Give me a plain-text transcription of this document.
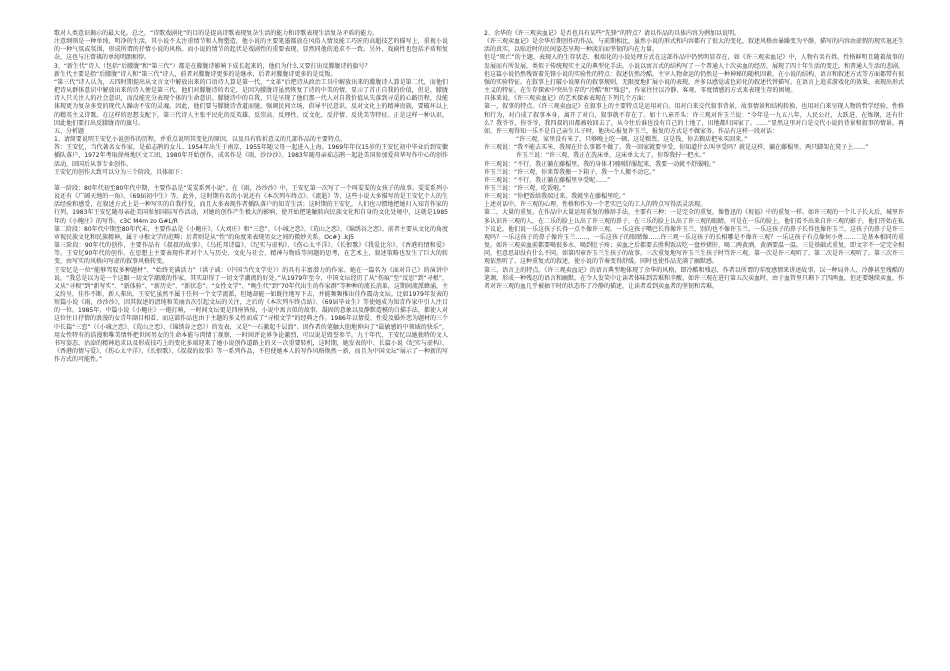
歌对人类意识揭示的最大化。总之，“诗歌戏剧化”的目的是提高诗歌表现复杂生活的能力和诗歌表现生活复杂矛盾的能力。

注意纲领是一种单纯、明净的生活，其小说不太注重情节和人物塑造，他小说的主要笔墨都放在风俗人情及能工巧匠的高超技艺的描写上，重视小说的一种气氛或氛围，形成所谓的抒情小说的风格。而小说的情节的起伏是戏剧性的重要表现，显然同他的追求不一致。另外，戏剧性也包括矛盾和复杂，这也与汪曾祺的单纯明朗相悖。

3、“新生代”诗人（包括“后朦胧”和“第三代”）都是在朦胧诗影响下成长起来的，他们为什么又要打出反朦胧诗的旗号？

新生代主要是指“后朦胧”诗人和“第三代”诗人，前者对朦胧诗更多的是继承，后者对朦胧诗更多的是反叛。

“第三代”诗人认为，五四时期提出从文言文中解放出来的口语诗人算是第一代，“文革”后把诗从政治工具中解放出来的朦胧诗人算是第二代，而他们把诗从群体意识中解放出来的诗人便是第三代。他们对朦胧诗的否定，是因为朦胧诗虽然恢复了诗的中美的情，显示了首正自我的价值，但是，朦胧诗人只关注人的社会意识，而没能充分表现个体的生命意识。朦胧诗中的自我，只是呈现了他们那一代人对自我价值从失落到寻觅的心路历程，没能体现更为复杂多变的现代人躁动不安的灵魂。因此，他们要与朦胧诗背道而驰，强调民间立场，倡导平民意识，反对文化上的精神贵族，要破坏以上的精英主义诗歌。在这样的思想支配下，第三代诗人主张平民化的反英雄、反崇高、反理性、反文化、反抒情、反优美等特征。正是这样一种认识，因此他们要打出反朦胧诗的旗号。

五、分析题

1、请简要说明王安忆小说创作的历程，并重点说明其变化的原因，以及具有转折意义的几部作品的主要特点。

答：王安忆，当代著名女作家，是茹志鹃的女儿。1954年出生于南京，1955年随父母一起进入上海。1969年年仅15岁的王安忆初中毕业后到安徽插队落户，1972年考取徐州地区文工团，1980年开始创作，成名作是《雨，沙沙沙》。1983年随母亲茹志鹃一起赴美国参加爱荷华写作中心的创作活动，回国后从事专业创作。

王安忆的创作大致可以分为三个阶段，具体如下：

第一阶段：80年代初至80年代中期，主要作品是“雯雯系列小说”。在《雨，沙沙沙》中，王安忆第一次写了一个叫雯雯的女孩子的故事。雯雯系列小说还有《广阔天地的一角》、《69届初中生》等。此外，这时期有名的小说还有《本次列车终点》、《流逝》等，这些小说大多描写的是王安忆个人的生活经验和感受，在叙述方式上是一种写实的自我抒发，而且大多表现作者插队落户的知青生活；这时期的王安忆，人们也习惯地把她归入知青作家的行列。1983年王安忆随母亲赴美国参加国际写作活动，对她的创作产生极大的影响，使开始把笔触转向民族文化和自身的文化处境中，这就是1985年的《小鲍庄》的写作。c3C M4m zo G#L/R

第二阶段：80年代中期至80年代末，主要作品是《小鲍庄》、《大刘庄》和“三恋”。《小城之恋》、《荒山之恋》、《锦绣谷之恋》。前者主要从文化的角度审视民族文化和民族精神，属于寻根文学的范畴；后者则是从“性”的角度来表现男女之间的微妙关系。Oc#} .kJ5

第三阶段：90年代的创作，主要作品有《叔叔的故事》、《乌托邦诗篇》、《纪实与虚构》、《伤心太平洋》、《长恨歌》《我爱比尔》、《香港的情和爱》等。王安忆90年代的创作，在思想上主要表现作者对个人与历史、文化与社会、精神与物质等问题的思考，在艺术上，叙述策略也发生了巨大的转变，由写实的风格向写虚的叙事风格转变。

王安忆是一位“能够驾驭多种题材”、“始终充满活力”（洪子诚：《中国当代文学史》）的具有丰富潜力的作家。她在一篇名为《面对自己》的演讲中说，“我总是以为是一个这跟一切文学潮流的作家，其实却得了一切文学潮流的好处。”从1979年至今，中国文坛经历了从“伤痕”至“反思”到“寻根”，又从“寻根”到“新写实”、“新体验”、“新历史”、“新状态”、“女性文学”、“晚生代”到“70年代出生的作家群”等种种的流长消革，这期间流派蜂涌，主义纷呈，佳作不断，新人辈出，王安忆虽然不属于任何一个文学流派，但她却能一如既往地写下去，并能频频推出佳作震动文坛。比如1979年发表的短篇小说《雨，沙沙沙》，因其叙述的清纯和美丽吾次引起文坛的关注，之后的《本次列车终点站》、《69届毕业生》等使她成为知青作家中引人注目的一位。1985年，中篇小说《小鲍庄》一炮打响，一时间文坛更是四座皆惊，小说中寓言似的故事，凝固的意象以及静默造模的白描手法，都使人对这位往日抒情的浪漫的女青年副目相看，而这部作品也由于主题的多义性而成了“寻根文学”的经典之作。1986年以情爱、性爱及婚外恋为题材的三个中长篇“三恋”（《小城之恋》、《荒山之恋》、《锦绣谷之恋》）的发表，又是“一石激起千层浪”。因作者的笔触大胆地伸向了“最敏感的中领域的快乐”，用女性特有的浩漫和唯美情怀把世间男女的生命本能与肉情丁视察，一时间评论界争论激烈，可以说是毁誉参半。九十年代，王安忆以她独特的文人书写姿态，沽淖的精神追求以及形成技巧上的变化多端迎来了她小说创作道路上的又一次重要转机，这时期，她发表的中、长篇小说《纪实与虚构》、《香港的情与爱》、《伤心太平洋》、《长恨歌》、《叔叔的故事》等一系列作品，不但使她本人的写作风格焕然一新，而且为中国文坛“展示了一种新的写作方式的可能性。”

2、余华的《许三观卖血记》是否也具有某些“先锋”的特点？请以作品的具体内容为例加以说明。

《许三观卖血记》是余华后期创作的作品，与前期相比，虽然小说的形式和内容都有了很大的变化，叙述风格由暴躁变为平静，描写的内容由虚假的现实退还生活的真实，以贴近时的民间姿态呈现一种淡泊而坚韧的内在力量。

但是“死亡”的主题，表现人的生存状态，极端化的小说处理方式在这部作品中仍然明显存在，如《许三观卖血记》中，人物有名有姓，性格鲜明且随着故事的发展而有所发展，类似于传统现实主义的典型化手法。小说以寓言式的结构写了一个普通人十次卖血的经历，展现了四十年生活的变迁，和普通人生活的悲剧。但这篇小说仍然残留着先锋小说的实验性的特点：叙述仿然冷酷，主宰人物命运的仍然是一种神秘的随机因素，在小说的结构、语言和叙述方式等方面都带有很强的实验特征。在叙事上打破小说原有的叙事规则，无限度地扩展小说的表现，并多以感觉或色彩化的叙述代替描写。在语言上追求游戏化的效果，表现出形式主义的特征。在生存探索中突出生存的“冷酷”和“残忍”，作家往往以冷静、客观、零度情感的方式来表现生存的困境。

具体来说，《许三观卖血记》的艺术探索表现在下列几个方面：

第一，叙事的特点。《许三观卖血记》在叙事上的主要特点是运用对白。用对白来交代叙事背景，故事情景和结构转换，也用对白来呈现人物的哲学经验，性格和行为，对白成了叙事本身，离开了对白，叙事就不存在了。如十八章开头：许三观对许玉兰说：“今年是一九五八年，人民公社，大跃进，在炼钢，还有什么？我爷爷，你爷爷，我四叔的田都被收回去了，从今往后谁也没有自己的土地了，田地都归国家了。……”显然这里对白是交代小说的背景和叙事的情景。再如，许三观得知一乐不是自己亲生儿子时，他决心报复许玉兰，报复的方式是不做家务。作品有这样一段对话：

“许三观，家里没有米了，只够晚上吃一顿，这是粮票，这是钱，你去粮店把米买回来。”

许三观说：“我不能去买米，我现在什么事都不做了，我一回家就要享受，你知道什么叫享受吗？就是这样，躺在藤榻里，两只脚架在凳子上……”

许玉兰说：“许三观，我正在洗床单，这床单太大了，你帮我拧一把水。”

许三观说：“不行，我正躺在藤榻里，我的身体才刚刚舒服起来，我要一动就不舒服啦。”

许玉兰说：“许三观，你来帮我搬一下箱子，我一个人搬不动它。”

许三观说：“不行，我正躺在藤榻里享受呢……”

许玉兰说：“许三观，吃饭啦。”

许三观说：“你把饭给我端过来，我就坐在藤榻里吃。”

上述对话中，许三观的心理、性格和作为一个老实巴交的工人的特点写得活灵活现。

第二，大量的重复。在作品中大量运用重复的修辞手法，主要有三种：一是完全的重复，像鲁迅的《祝福》中的重复一样。如许三观的一个儿子长大后，城里许多认识许三观的人，在二乐的脸上认出了许三观的鼻子，在三乐的脸上认出了许三观的眼睛，可是在一乐的脸上，他们看不出来自许三观的影子，他们开始在私下议论，他们说一乐这孩子长得一点不像许三观。一乐这孩子嘴巴长得像许玉兰，别的也不像许玉兰。一乐这孩子的鼻子长得也像许玉兰，这孩子的鼻子是许三观吗？一乐这孩子的鼻子像许玉兰……，一乐这孩子的眼睛像……许三观一乐这孩子的长相哪是不像许三观？一乐这孩子有点像何小勇……二是基本相同的重复。如许三观卖血前都要喝很多水，喝到肚子疼；卖血之后都要去胜利饭店吃一盘炒猪肝，喝二两黄酒，黄酒要温一温。三是基础式重复，即文字不一定完全相同，但意思却没有什么不同。如第四章许玉兰生孩子的故事。三次重复地写许玉兰生孩子时骂许三观，第一次是许三观听了，第二次是许三观听了，第三次许三观依然听了。这种重复式的叙述，使小说的节奏变得舒缓，同时也使作品充满了幽默感。

第三，语言上的特点。《许三观卖血记》的语言典型地体现了余华的风格，即冷酷和残忍，作者以所谓的零度感情来讲述故事，以一种局外人、冷静甚至残酷的笔调，形成一种残忍的语言和幽默。在令人发笑中让读者体味到苦难和辛酸。如许三观在进行第五次卖血时，由于血管里只剩下了四两血，但还要继续卖血，作者对许三观的血几乎被抽干时的状态作了冷静的描述，让读者看到卖血者的坚韧和苦难。
